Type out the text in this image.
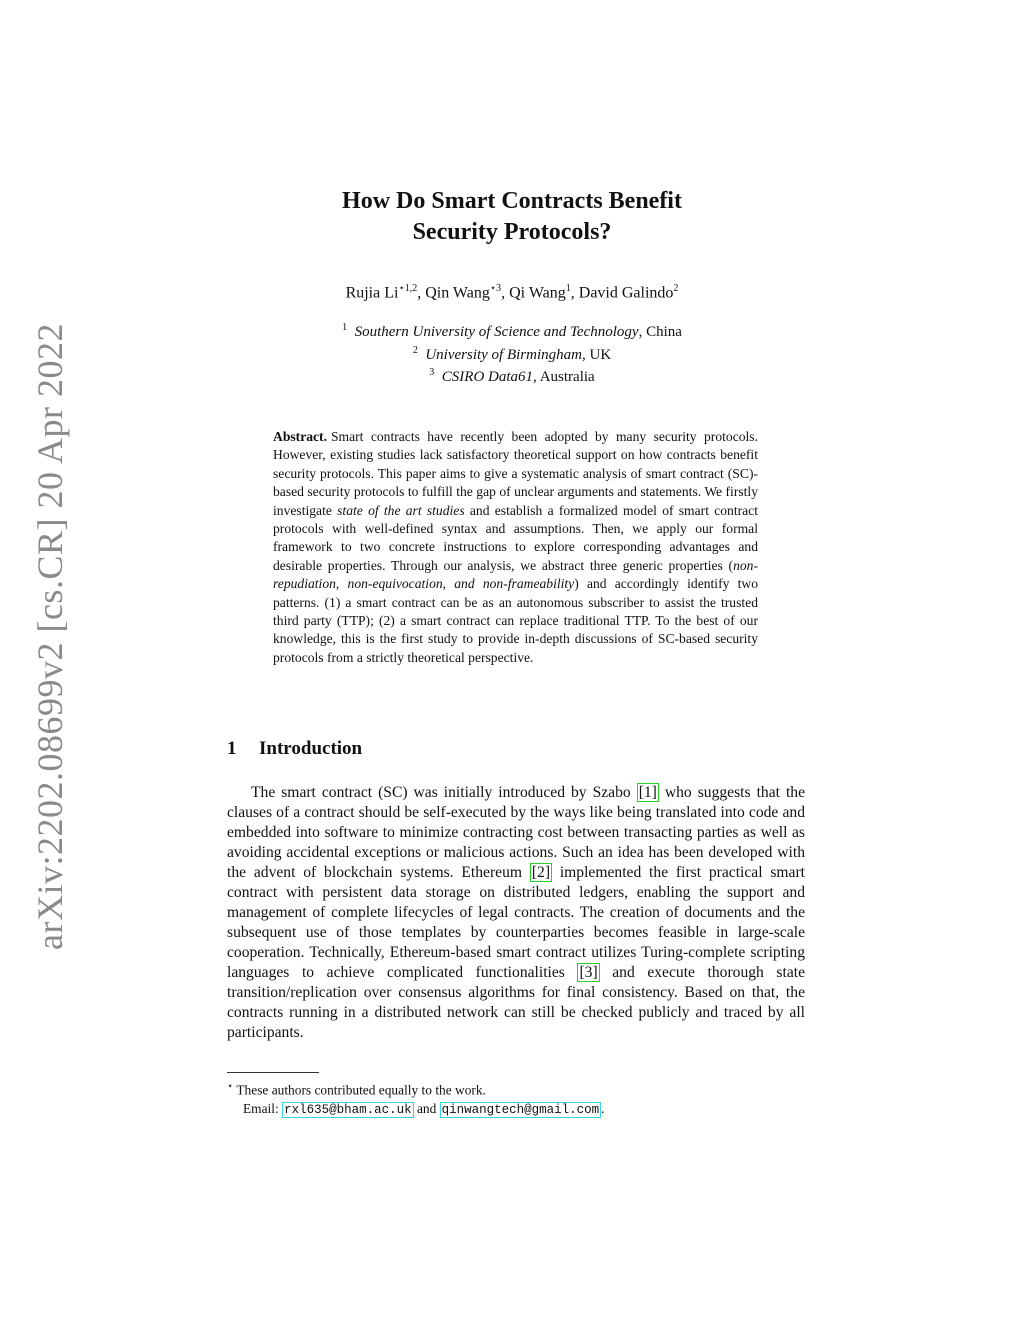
arXiv:2202.08699v2 [cs.CR] 20 Apr 2022
How Do Smart Contracts Benefit
Security Protocols?
Rujia $Li^{⋆1,2}$, Qin Wang$^{⋆3}$, Qi Wang$^1$, David Galindo$^2$
$^1$ Southern University of Science and Technology, China
$^2$ University of Birmingham, UK
$^3$ CSIRO Data61, Australia
Abstract. Smart contracts have recently been adopted by many security protocols. However, existing studies lack satisfactory theoretical support on how contracts benefit security protocols. This paper aims to give a systematic analysis of smart contract (SC)-based security protocols to fulfill the gap of unclear arguments and statements. We firstly investigate state of the art studies and establish a formalized model of smart contract protocols with well-defined syntax and assumptions. Then, we apply our formal framework to two concrete instructions to explore corresponding advantages and desirable properties. Through our analysis, we abstract three generic properties (non-repudiation, non-equivocation, and non-frameability) and accordingly identify two patterns. (1) a smart contract can be as an autonomous subscriber to assist the trusted third party (TTP); (2) a smart contract can replace traditional TTP. To the best of our knowledge, this is the first study to provide in-depth discussions of SC-based security protocols from a strictly theoretical perspective.
1 Introduction
The smart contract (SC) was initially introduced by Szabo [1] who suggests that the clauses of a contract should be self-executed by the ways like being translated into code and embedded into software to minimize contracting cost between transacting parties as well as avoiding accidental exceptions or malicious actions. Such an idea has been developed with the advent of blockchain systems. Ethereum [2] implemented the first practical smart contract with persistent data storage on distributed ledgers, enabling the support and management of complete lifecycles of legal contracts. The creation of documents and the subsequent use of those templates by counterparties becomes feasible in large-scale cooperation. Technically, Ethereum-based smart contract utilizes Turing-complete scripting languages to achieve complicated functionalities [3] and execute thorough state transition/replication over consensus algorithms for final consistency. Based on that, the contracts running in a distributed network can still be checked publicly and traced by all participants.
⋆ These authors contributed equally to the work.
Email: rxl635@bham.ac.uk and qinwangtech@gmail.com .
